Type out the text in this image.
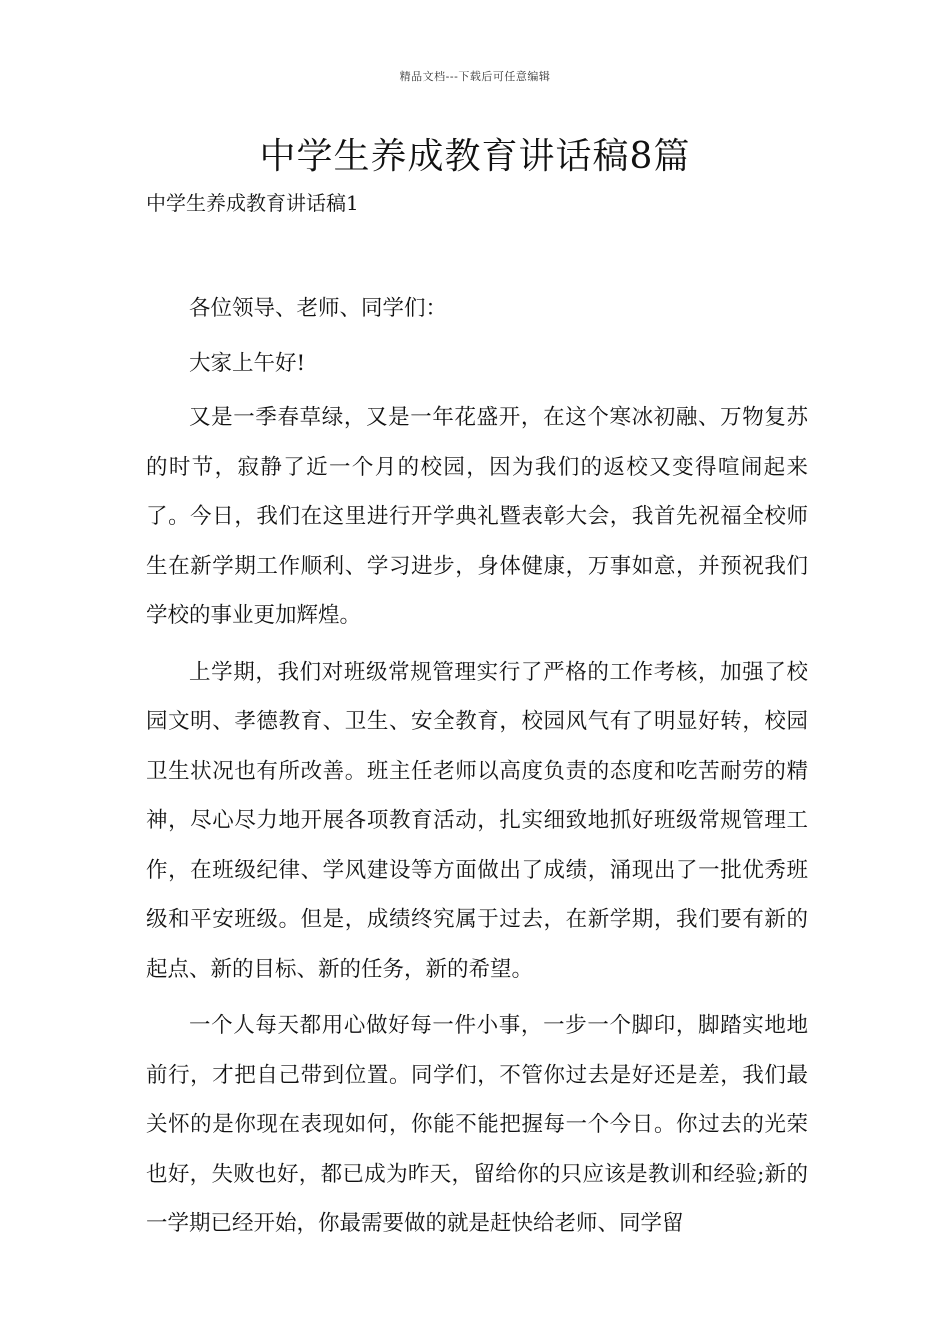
精品文档---下载后可任意编辑
中学生养成教育讲话稿8篇
中学生养成教育讲话稿1

各位领导、老师、同学们：

大家上午好!

又是一季春草绿，又是一年花盛开，在这个寒冰初融、万物复苏的时节，寂静了近一个月的校园，因为我们的返校又变得喧闹起来了。今日，我们在这里进行开学典礼暨表彰大会，我首先祝福全校师生在新学期工作顺利、学习进步，身体健康，万事如意，并预祝我们学校的事业更加辉煌。

上学期，我们对班级常规管理实行了严格的工作考核，加强了校园文明、孝德教育、卫生、安全教育，校园风气有了明显好转，校园卫生状况也有所改善。班主任老师以高度负责的态度和吃苦耐劳的精神，尽心尽力地开展各项教育活动，扎实细致地抓好班级常规管理工作，在班级纪律、学风建设等方面做出了成绩，涌现出了一批优秀班级和平安班级。但是，成绩终究属于过去，在新学期，我们要有新的起点、新的目标、新的任务，新的希望。

一个人每天都用心做好每一件小事，一步一个脚印，脚踏实地地前行，才把自己带到位置。同学们，不管你过去是好还是差，我们最关怀的是你现在表现如何，你能不能把握每一个今日。你过去的光荣也好，失败也好，都已成为昨天，留给你的只应该是教训和经验;新的一学期已经开始，你最需要做的就是赶快给老师、同学留
